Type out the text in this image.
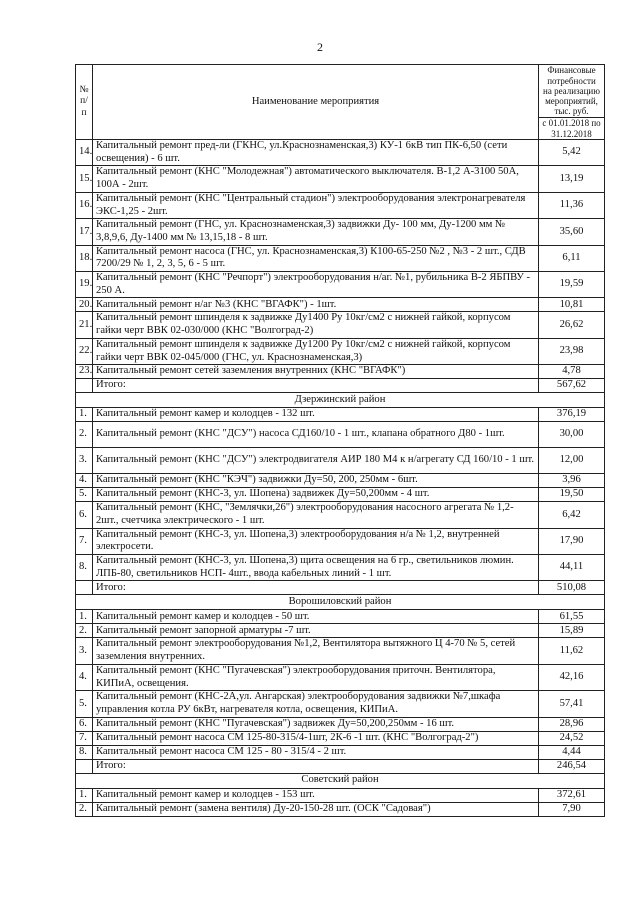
2
№ п/п	Наименование мероприятия	Финансовые потребности на реализацию мероприятий, тыс. руб.
		с 01.01.2018 по 31.12.2018
14.	Капитальный ремонт пред-ли (ГКНС, ул.Краснознаменская,3) КУ-1 6кВ тип ПК-6,50 (сети освещения) - 6 шт.	5,42
15.	Капитальный ремонт (КНС "Молодежная") автоматического выключателя. В-1,2 А-3100 50А, 100А - 2шт.	13,19
16.	Капитальный ремонт (КНС "Центральный стадион") электрооборудования электронагревателя ЭКС-1,25 - 2шт.	11,36
17.	Капитальный ремонт (ГНС, ул. Краснознаменская,3) задвижки Ду- 100 мм, Ду-1200 мм № 3,8,9,6, Ду-1400 мм № 13,15,18 - 8 шт.	35,60
18.	Капитальный ремонт насоса (ГНС, ул. Краснознаменская,3) К100-65-250 №2 , №3 - 2 шт., СДВ 7200/29 № 1, 2, 3, 5, 6 - 5 шт.	6,11
19.	Капитальный ремонт (КНС "Речпорт") электрооборудования н/аг. №1, рубильника В-2 ЯБПВУ - 250 А.	19,59
20.	Капитальный ремонт н/аг №3 (КНС "ВГАФК") - 1шт.	10,81
21.	Капитальный ремонт шпинделя к задвижке Ду1400 Ру 10кг/см2 с нижней гайкой, корпусом гайки черт ВВК 02-030/000 (КНС "Волгоград-2)	26,62
22.	Капитальный ремонт шпинделя к задвижке Ду1200 Ру 10кг/см2 с нижней гайкой, корпусом гайки черт ВВК 02-045/000 (ГНС, ул. Краснознаменская,3)	23,98
23.	Капитальный ремонт сетей заземления внутренних (КНС "ВГАФК")	4,78
	Итого:	567,62
Дзержинский район		
1.	Капитальный ремонт камер и колодцев - 132 шт.	376,19
2.	Капитальный ремонт (КНС "ДСУ") насоса СД160/10 - 1 шт., клапана обратного Д80 - 1шт.	30,00
3.	Капитальный ремонт (КНС "ДСУ") электродвигателя АИР 180 М4 к н/агрегату СД 160/10 - 1 шт.	12,00
4.	Капитальный ремонт (КНС "КЭЧ") задвижки Ду=50, 200, 250мм - 6шт.	3,96
5.	Капитальный ремонт (КНС-3, ул. Шопена) задвижек Ду=50,200мм - 4 шт.	19,50
6.	Капитальный ремонт (КНС, "Землячки,26") электрооборудования насосного агрегата № 1,2- 2шт., счетчика электрического - 1 шт.	6,42
7.	Капитальный ремонт (КНС-3, ул. Шопена,3) электрооборудования н/а № 1,2, внутренней электросети.	17,90
8.	Капитальный ремонт (КНС-3, ул. Шопена,3) щита освещения на 6 гр., светильников люмин. ЛПБ-80, светильников НСП- 4шт., ввода кабельных линий - 1 шт.	44,11
	Итого:	510,08
Ворошиловский район		
1.	Капитальный ремонт камер и колодцев - 50 шт.	61,55
2.	Капитальный ремонт запорной арматуры -7 шт.	15,89
3.	Капитальный ремонт электрооборудования №1,2, Вентилятора вытяжного Ц 4-70 № 5, сетей заземления внутренних.	11,62
4.	Капитальный ремонт (КНС "Пугачевская") электрооборудования приточн. Вентилятора, КИПиА, освещения.	42,16
5.	Капитальный ремонт (КНС-2А,ул. Ангарская) электрооборудования задвижки №7,шкафа управления котла РУ 6кВт, нагревателя котла, освещения, КИПиА.	57,41
6.	Капитальный ремонт (КНС "Пугачевская") задвижек Ду=50,200,250мм - 16 шт.	28,96
7.	Капитальный ремонт насоса СМ 125-80-315/4-1шт, 2К-6 -1 шт. (КНС "Волгоград-2")	24,52
8.	Капитальный ремонт насоса СМ 125 - 80 - 315/4 - 2 шт.	4,44
	Итого:	246,54
Советский район		
1.	Капитальный ремонт камер и колодцев - 153 шт.	372,61
2.	Капитальный ремонт (замена вентиля) Ду-20-150-28 шт. (ОСК "Садовая")	7,90
